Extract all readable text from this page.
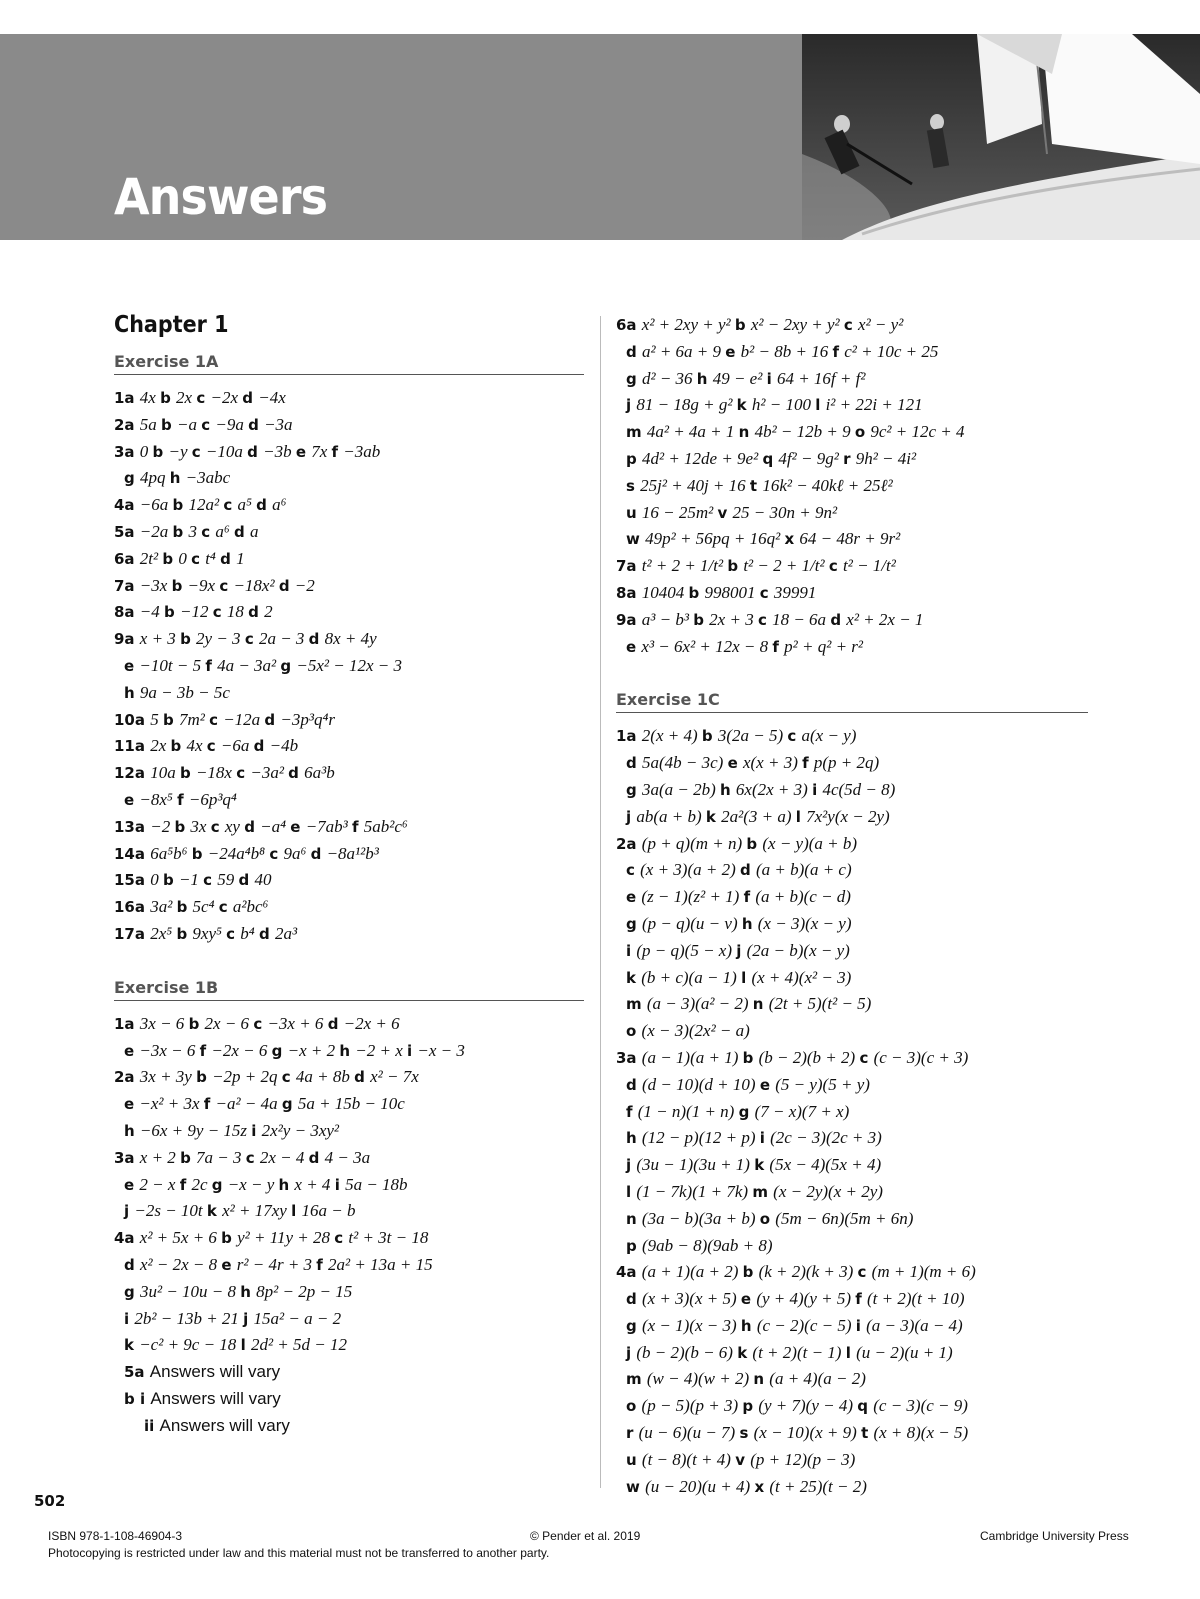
Answers
Chapter 1
Exercise 1A
1a 4x b 2x c −2x d −4x
2a 5a b −a c −9a d −3a
3a 0 b −y c −10a d −3b e 7x f −3ab
g 4pq h −3abc
4a −6a b 12a² c a⁵ d a⁶
5a −2a b 3 c a⁶ d a
6a 2t² b 0 c t⁴ d 1
7a −3x b −9x c −18x² d −2
8a −4 b −12 c 18 d 2
9a x + 3 b 2y − 3 c 2a − 3 d 8x + 4y
e −10t − 5 f 4a − 3a² g −5x² − 12x − 3
h 9a − 3b − 5c
10a 5 b 7m² c −12a d −3p³q⁴r
11a 2x b 4x c −6a d −4b
12a 10a b −18x c −3a² d 6a³b
e −8x⁵ f −6p³q⁴
13a −2 b 3x c xy d −a⁴ e −7ab³ f 5ab²c⁶
14a 6a⁵b⁶ b −24a⁴b⁸ c 9a⁶ d −8a¹²b³
15a 0 b −1 c 59 d 40
16a 3a² b 5c⁴ c a²bc⁶
17a 2x⁵ b 9xy⁵ c b⁴ d 2a³
Exercise 1B
1a 3x − 6 b 2x − 6 c −3x + 6 d −2x + 6
e −3x − 6 f −2x − 6 g −x + 2 h −2 + x i −x − 3
2a 3x + 3y b −2p + 2q c 4a + 8b d x² − 7x
e −x² + 3x f −a² − 4a g 5a + 15b − 10c
h −6x + 9y − 15z i 2x²y − 3xy²
3a x + 2 b 7a − 3 c 2x − 4 d 4 − 3a
e 2 − x f 2c g −x − y h x + 4 i 5a − 18b
j −2s − 10t k x² + 17xy l 16a − b
4a x² + 5x + 6 b y² + 11y + 28 c t² + 3t − 18
d x² − 2x − 8 e r² − 4r + 3 f 2a² + 13a + 15
g 3u² − 10u − 8 h 8p² − 2p − 15
i 2b² − 13b + 21 j 15a² − a − 2
k −c² + 9c − 18 l 2d² + 5d − 12
5a Answers will vary
b i Answers will vary
ii Answers will vary
6a x² + 2xy + y² b x² − 2xy + y² c x² − y²
d a² + 6a + 9 e b² − 8b + 16 f c² + 10c + 25
g d² − 36 h 49 − e² i 64 + 16f + f²
j 81 − 18g + g² k h² − 100 l i² + 22i + 121
m 4a² + 4a + 1 n 4b² − 12b + 9 o 9c² + 12c + 4
p 4d² + 12de + 9e² q 4f² − 9g² r 9h² − 4i²
s 25j² + 40j + 16 t 16k² − 40kℓ + 25ℓ²
u 16 − 25m² v 25 − 30n + 9n²
w 49p² + 56pq + 16q² x 64 − 48r + 9r²
7a t² + 2 + 1/t² b t² − 2 + 1/t² c t² − 1/t²
8a 10404 b 998001 c 39991
9a a³ − b³ b 2x + 3 c 18 − 6a d x² + 2x − 1
e x³ − 6x² + 12x − 8 f p² + q² + r²
Exercise 1C
1a 2(x + 4) b 3(2a − 5) c a(x − y)
d 5a(4b − 3c) e x(x + 3) f p(p + 2q)
g 3a(a − 2b) h 6x(2x + 3) i 4c(5d − 8)
j ab(a + b) k 2a²(3 + a) l 7x²y(x − 2y)
2a (p + q)(m + n) b (x − y)(a + b)
c (x + 3)(a + 2) d (a + b)(a + c)
e (z − 1)(z² + 1) f (a + b)(c − d)
g (p − q)(u − v) h (x − 3)(x − y)
i (p − q)(5 − x) j (2a − b)(x − y)
k (b + c)(a − 1) l (x + 4)(x² − 3)
m (a − 3)(a² − 2) n (2t + 5)(t² − 5)
o (x − 3)(2x² − a)
3a (a − 1)(a + 1) b (b − 2)(b + 2) c (c − 3)(c + 3)
d (d − 10)(d + 10) e (5 − y)(5 + y)
f (1 − n)(1 + n) g (7 − x)(7 + x)
h (12 − p)(12 + p) i (2c − 3)(2c + 3)
j (3u − 1)(3u + 1) k (5x − 4)(5x + 4)
l (1 − 7k)(1 + 7k) m (x − 2y)(x + 2y)
n (3a − b)(3a + b) o (5m − 6n)(5m + 6n)
p (9ab − 8)(9ab + 8)
4a (a + 1)(a + 2) b (k + 2)(k + 3) c (m + 1)(m + 6)
d (x + 3)(x + 5) e (y + 4)(y + 5) f (t + 2)(t + 10)
g (x − 1)(x − 3) h (c − 2)(c − 5) i (a − 3)(a − 4)
j (b − 2)(b − 6) k (t + 2)(t − 1) l (u − 2)(u + 1)
m (w − 4)(w + 2) n (a + 4)(a − 2)
o (p − 5)(p + 3) p (y + 7)(y − 4) q (c − 3)(c − 9)
r (u − 6)(u − 7) s (x − 10)(x + 9) t (x + 8)(x − 5)
u (t − 8)(t + 4) v (p + 12)(p − 3)
w (u − 20)(u + 4) x (t + 25)(t − 2)
502
ISBN 978-1-108-46904-3	© Pender et al. 2019	Cambridge University Press
Photocopying is restricted under law and this material must not be transferred to another party.
